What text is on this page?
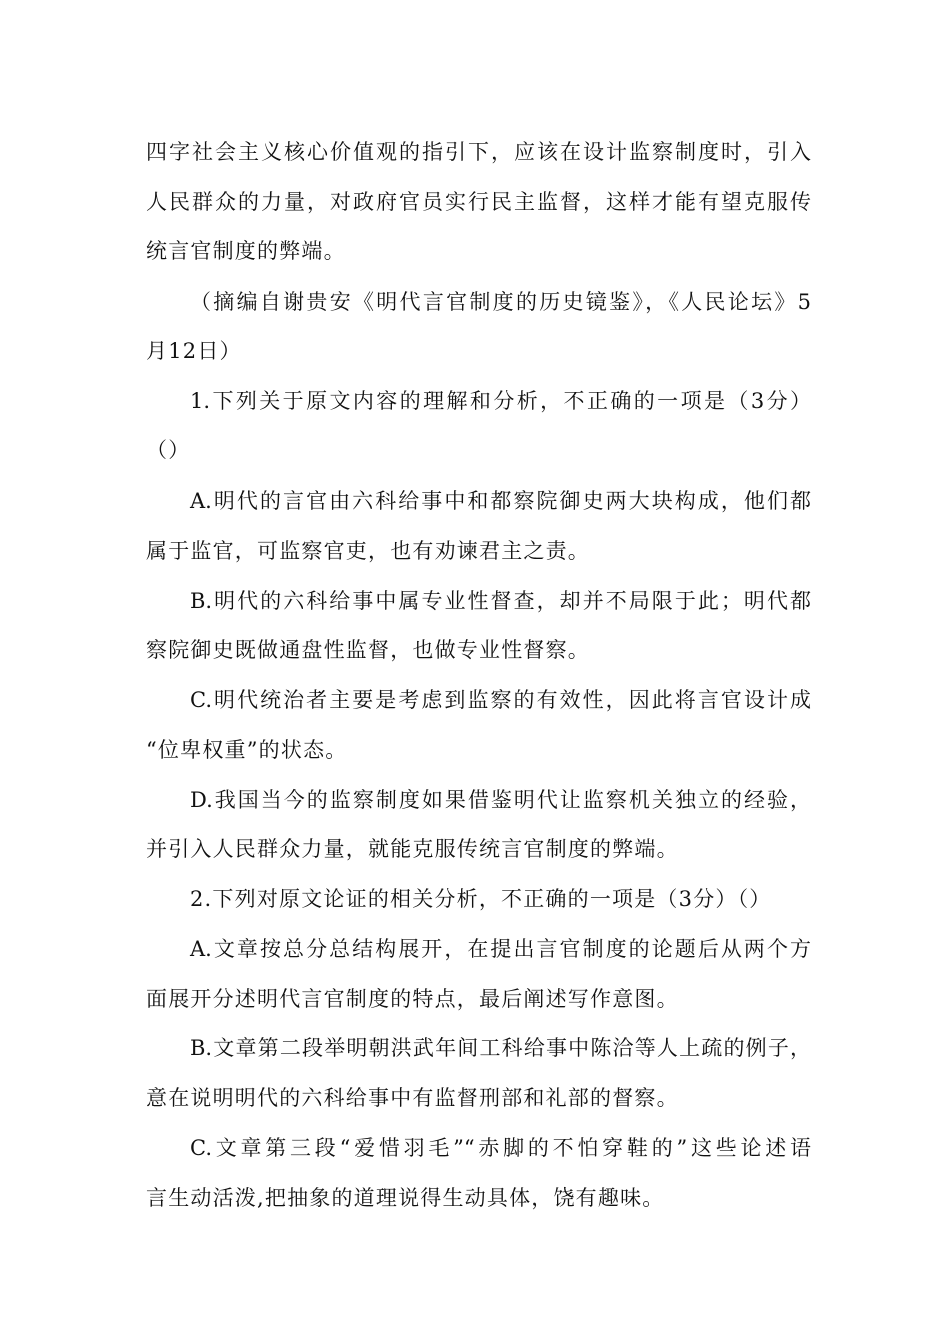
四字社会主义核心价值观的指引下，应该在设计监察制度时，引入
人民群众的力量，对政府官员实行民主监督，这样才能有望克服传
统言官制度的弊端。
（摘编自谢贵安《明代言官制度的历史镜鉴》，《人民论坛》5
月12日）
1.下列关于原文内容的理解和分析，不正确的一项是（3分）
（）
A.明代的言官由六科给事中和都察院御史两大块构成，他们都
属于监官，可监察官吏，也有劝谏君主之责。
B.明代的六科给事中属专业性督查，却并不局限于此；明代都
察院御史既做通盘性监督，也做专业性督察。
C.明代统治者主要是考虑到监察的有效性，因此将言官设计成
“位卑权重”的状态。
D.我国当今的监察制度如果借鉴明代让监察机关独立的经验，
并引入人民群众力量，就能克服传统言官制度的弊端。
2.下列对原文论证的相关分析，不正确的一项是（3分）（）
A.文章按总分总结构展开，在提出言官制度的论题后从两个方
面展开分述明代言官制度的特点，最后阐述写作意图。
B.文章第二段举明朝洪武年间工科给事中陈洽等人上疏的例子，
意在说明明代的六科给事中有监督刑部和礼部的督察。
C.文章第三段“爱惜羽毛”“赤脚的不怕穿鞋的”这些论述语
言生动活泼,把抽象的道理说得生动具体，饶有趣味。
